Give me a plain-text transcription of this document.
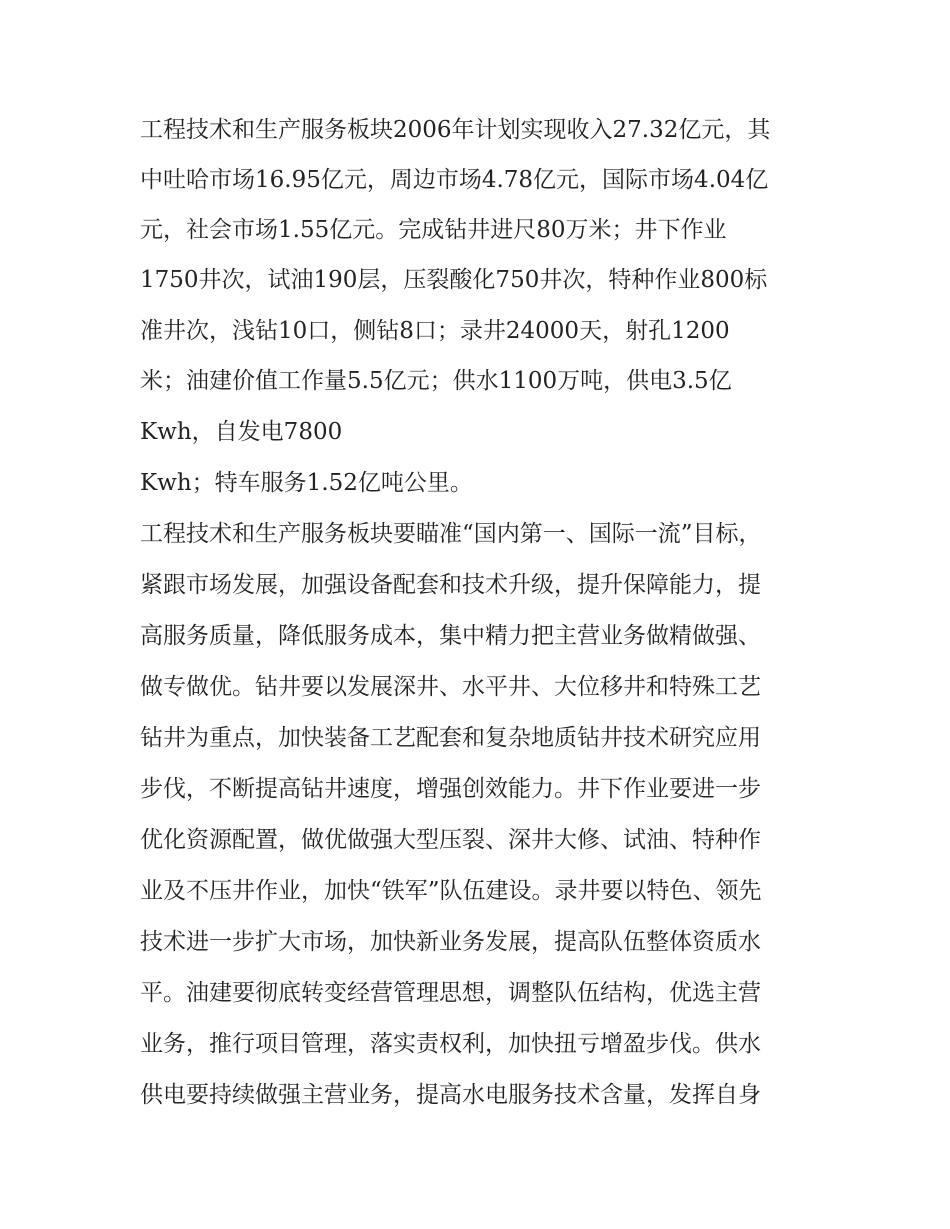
工程技术和生产服务板块2006年计划实现收入27.32亿元，其
中吐哈市场16.95亿元，周边市场4.78亿元，国际市场4.04亿
元，社会市场1.55亿元。完成钻井进尺80万米；井下作业
1750井次，试油190层，压裂酸化750井次，特种作业800标
准井次，浅钻10口，侧钻8口；录井24000天，射孔1200
米；油建价值工作量5.5亿元；供水1100万吨，供电3.5亿
Kwh，自发电7800
Kwh；特车服务1.52亿吨公里。
工程技术和生产服务板块要瞄准“国内第一、国际一流”目标，
紧跟市场发展，加强设备配套和技术升级，提升保障能力，提
高服务质量，降低服务成本，集中精力把主营业务做精做强、
做专做优。钻井要以发展深井、水平井、大位移井和特殊工艺
钻井为重点，加快装备工艺配套和复杂地质钻井技术研究应用
步伐，不断提高钻井速度，增强创效能力。井下作业要进一步
优化资源配置，做优做强大型压裂、深井大修、试油、特种作
业及不压井作业，加快“铁军”队伍建设。录井要以特色、领先
技术进一步扩大市场，加快新业务发展，提高队伍整体资质水
平。油建要彻底转变经营管理思想，调整队伍结构，优选主营
业务，推行项目管理，落实责权利，加快扭亏增盈步伐。供水
供电要持续做强主营业务，提高水电服务技术含量，发挥自身
